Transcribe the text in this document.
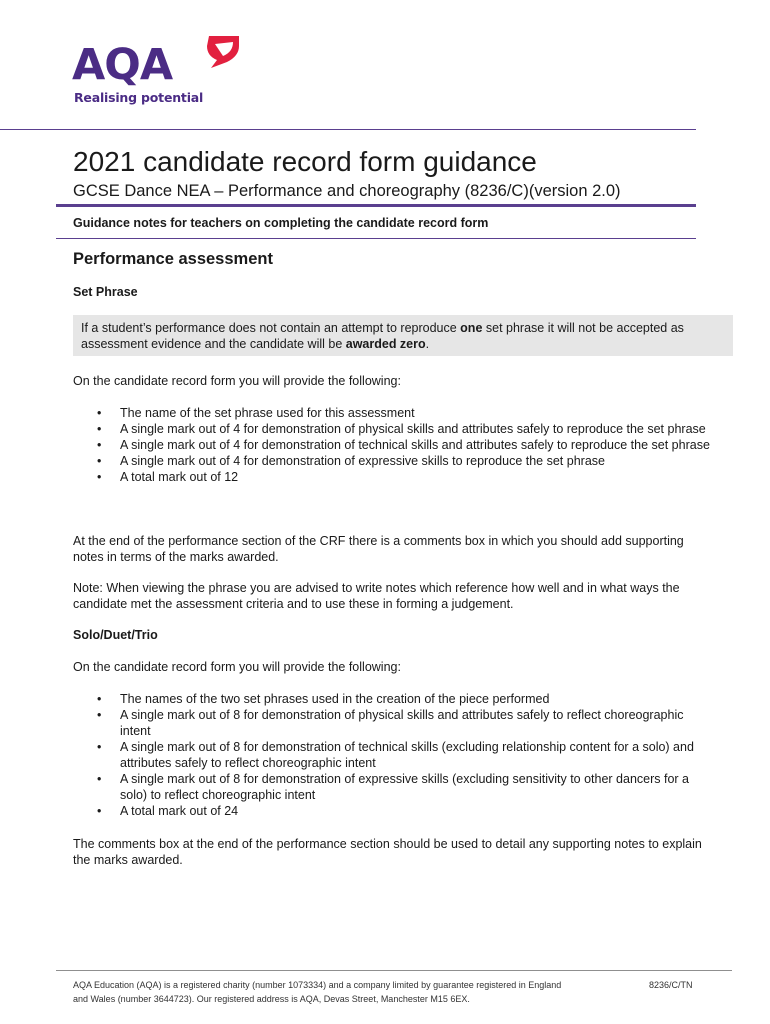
AQA
Realising potential
2021 candidate record form guidance
GCSE Dance NEA – Performance and choreography (8236/C)(version 2.0)
Guidance notes for teachers on completing the candidate record form
Performance assessment
Set Phrase
If a student’s performance does not contain an attempt to reproduce one set phrase it will not be accepted as assessment evidence and the candidate will be awarded zero.
On the candidate record form you will provide the following:
• The name of the set phrase used for this assessment
• A single mark out of 4 for demonstration of physical skills and attributes safely to reproduce the set phrase
• A single mark out of 4 for demonstration of technical skills and attributes safely to reproduce the set phrase
• A single mark out of 4 for demonstration of expressive skills to reproduce the set phrase
• A total mark out of 12
At the end of the performance section of the CRF there is a comments box in which you should add supporting notes in terms of the marks awarded.
Note: When viewing the phrase you are advised to write notes which reference how well and in what ways the candidate met the assessment criteria and to use these in forming a judgement.
Solo/Duet/Trio
On the candidate record form you will provide the following:
• The names of the two set phrases used in the creation of the piece performed
• A single mark out of 8 for demonstration of physical skills and attributes safely to reflect choreographic intent
• A single mark out of 8 for demonstration of technical skills (excluding relationship content for a solo) and attributes safely to reflect choreographic intent
• A single mark out of 8 for demonstration of expressive skills (excluding sensitivity to other dancers for a solo) to reflect choreographic intent
• A total mark out of 24
The comments box at the end of the performance section should be used to detail any supporting notes to explain the marks awarded.
AQA Education (AQA) is a registered charity (number 1073334) and a company limited by guarantee registered in England and Wales (number 3644723). Our registered address is AQA, Devas Street, Manchester M15 6EX.
8236/C/TN
